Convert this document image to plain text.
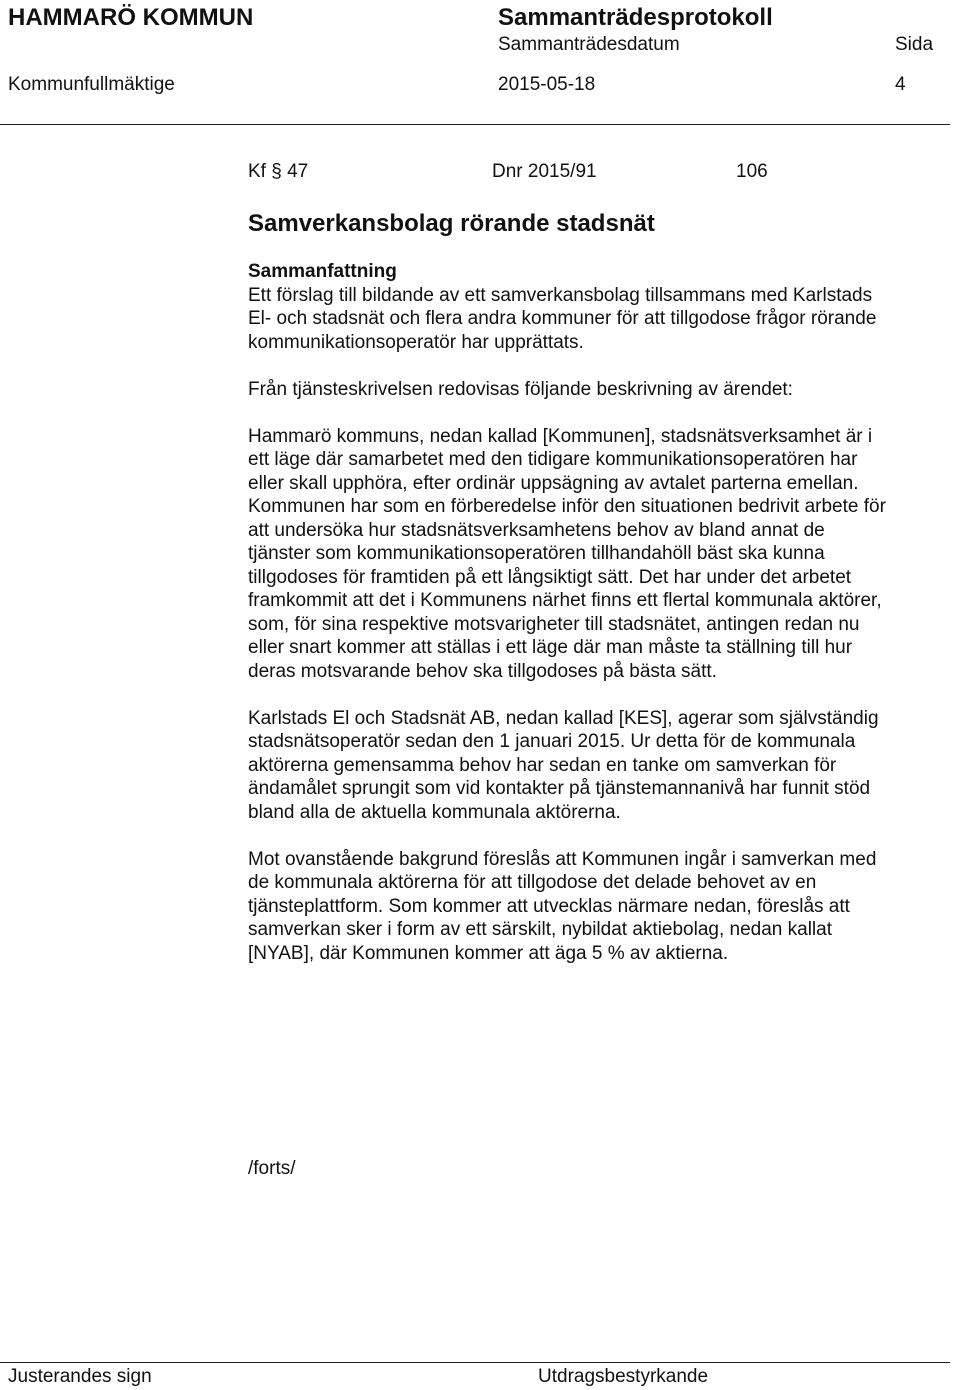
HAMMARÖ KOMMUN	Sammanträdesprotokoll
Sammanträdesdatum	Sida
Kommunfullmäktige	2015-05-18	4
Kf § 47	Dnr 2015/91	106
Samverkansbolag rörande stadsnät

Sammanfattning

Ett förslag till bildande av ett samverkansbolag tillsammans med Karlstads El- och stadsnät och flera andra kommuner för att tillgodose frågor rörande kommunikationsoperatör har upprättats.

Från tjänsteskrivelsen redovisas följande beskrivning av ärendet:

Hammarö kommuns, nedan kallad [Kommunen], stadsnätsverksamhet är i ett läge där samarbetet med den tidigare kommunikationsoperatören har eller skall upphöra, efter ordinär uppsägning av avtalet parterna emellan. Kommunen har som en förberedelse inför den situationen bedrivit arbete för att undersöka hur stadsnätsverksamhetens behov av bland annat de tjänster som kommunikationsoperatören tillhandahöll bäst ska kunna tillgodoses för framtiden på ett långsiktigt sätt. Det har under det arbetet framkommit att det i Kommunens närhet finns ett flertal kommunala aktörer, som, för sina respektive motsvarigheter till stadsnätet, antingen redan nu eller snart kommer att ställas i ett läge där man måste ta ställning till hur deras motsvarande behov ska tillgodoses på bästa sätt.

Karlstads El och Stadsnät AB, nedan kallad [KES], agerar som självständig stadsnätsoperatör sedan den 1 januari 2015. Ur detta för de kommunala aktörerna gemensamma behov har sedan en tanke om samverkan för ändamålet sprungit som vid kontakter på tjänstemannanivå har funnit stöd bland alla de aktuella kommunala aktörerna.

Mot ovanstående bakgrund föreslås att Kommunen ingår i samverkan med de kommunala aktörerna för att tillgodose det delade behovet av en tjänsteplattform. Som kommer att utvecklas närmare nedan, föreslås att samverkan sker i form av ett särskilt, nybildat aktiebolag, nedan kallat [NYAB], där Kommunen kommer att äga 5 % av aktierna.

/forts/
Justerandes sign	Utdragsbestyrkande
